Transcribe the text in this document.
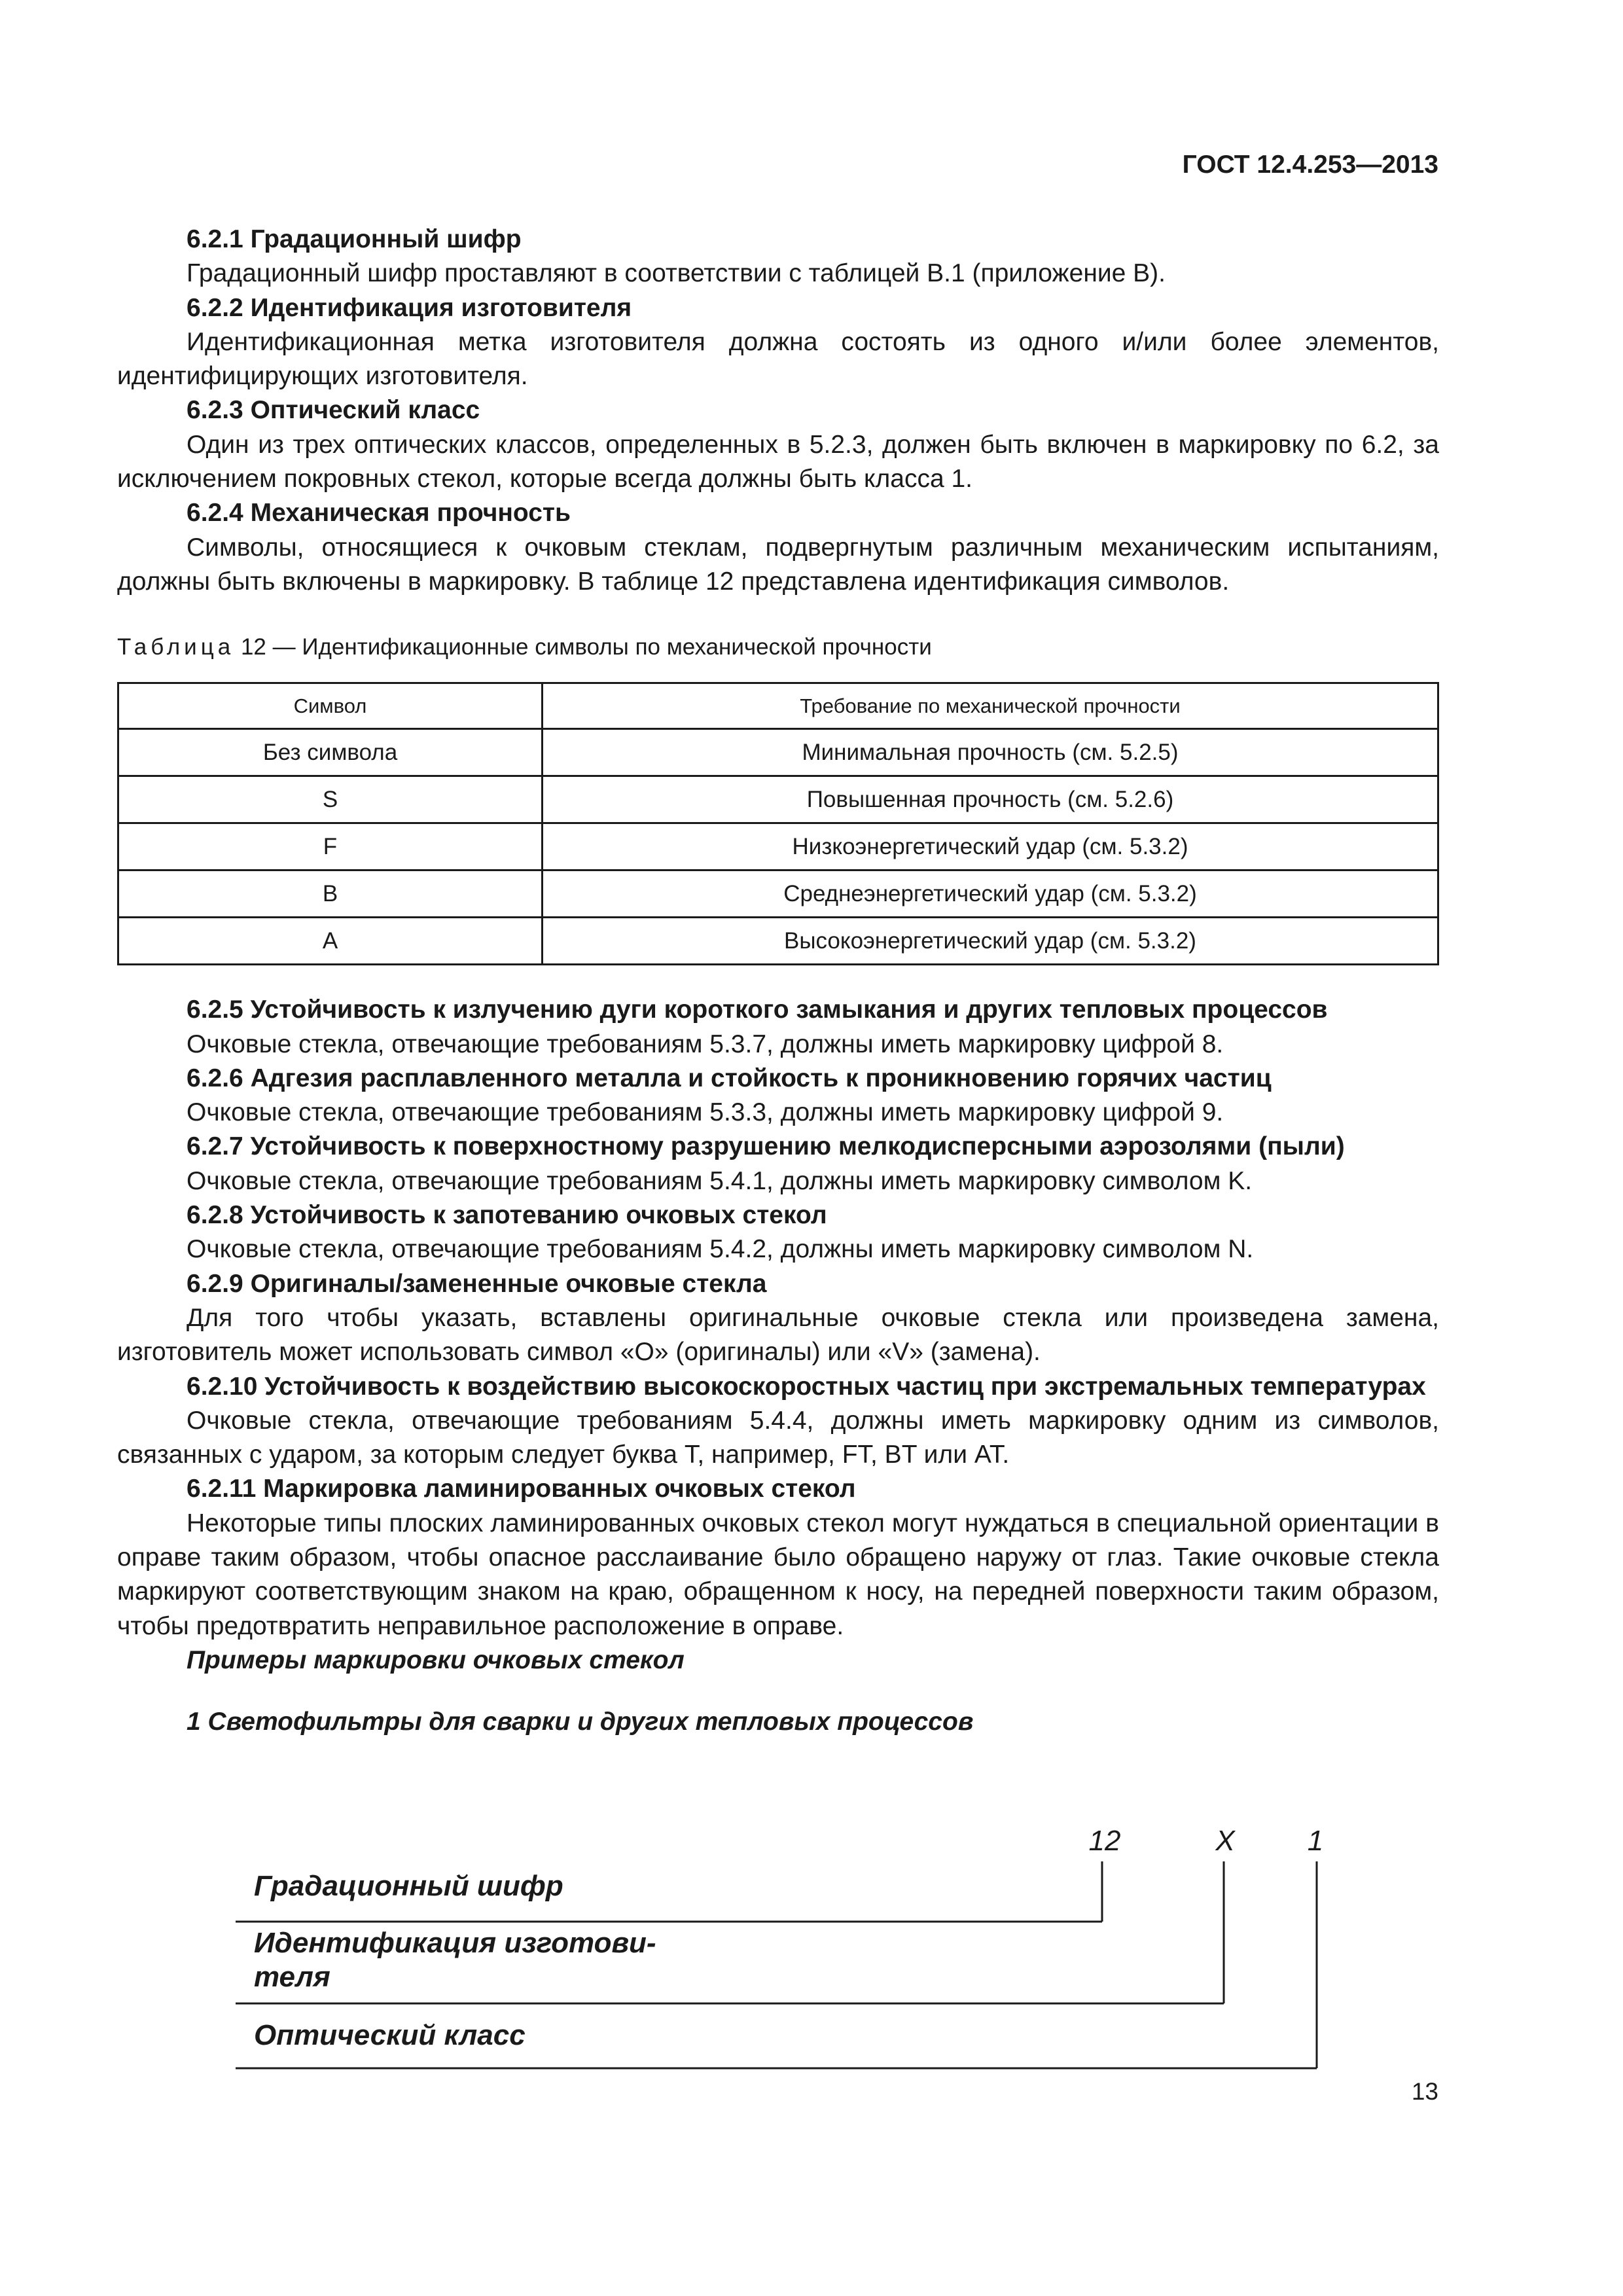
ГОСТ 12.4.253—2013
6.2.1 Градационный шифр
Градационный шифр проставляют в соответствии с таблицей В.1 (приложение В).
6.2.2 Идентификация изготовителя
Идентификационная метка изготовителя должна состоять из одного и/или более элементов, идентифицирующих изготовителя.
6.2.3 Оптический класс
Один из трех оптических классов, определенных в 5.2.3, должен быть включен в маркировку по 6.2, за исключением покровных стекол, которые всегда должны быть класса 1.
6.2.4 Механическая прочность
Символы, относящиеся к очковым стеклам, подвергнутым различным механическим испытаниям, должны быть включены в маркировку. В таблице 12 представлена идентификация символов.
Таблица 12 — Идентификационные символы по механической прочности
Символ	Требование по механической прочности
Без символа	Минимальная прочность (см. 5.2.5)
S	Повышенная прочность (см. 5.2.6)
F	Низкоэнергетический удар (см. 5.3.2)
B	Среднеэнергетический удар (см. 5.3.2)
A	Высокоэнергетический удар (см. 5.3.2)
6.2.5 Устойчивость к излучению дуги короткого замыкания и других тепловых процессов
Очковые стекла, отвечающие требованиям 5.3.7, должны иметь маркировку цифрой 8.
6.2.6 Адгезия расплавленного металла и стойкость к проникновению горячих частиц
Очковые стекла, отвечающие требованиям 5.3.3, должны иметь маркировку цифрой 9.
6.2.7 Устойчивость к поверхностному разрушению мелкодисперсными аэрозолями (пыли)
Очковые стекла, отвечающие требованиям 5.4.1, должны иметь маркировку символом K.
6.2.8 Устойчивость к запотеванию очковых стекол
Очковые стекла, отвечающие требованиям 5.4.2, должны иметь маркировку символом N.
6.2.9 Оригиналы/замененные очковые стекла
Для того чтобы указать, вставлены оригинальные очковые стекла или произведена замена, изготовитель может использовать символ «О» (оригиналы) или «V» (замена).
6.2.10 Устойчивость к воздействию высокоскоростных частиц при экстремальных температурах
Очковые стекла, отвечающие требованиям 5.4.4, должны иметь маркировку одним из символов, связанных с ударом, за которым следует буква Т, например, FT, BT или AT.
6.2.11 Маркировка ламинированных очковых стекол
Некоторые типы плоских ламинированных очковых стекол могут нуждаться в специальной ориентации в оправе таким образом, чтобы опасное расслаивание было обращено наружу от глаз. Такие очковые стекла маркируют соответствующим знаком на краю, обращенном к носу, на передней поверхности таким образом, чтобы предотвратить неправильное расположение в оправе.
Примеры маркировки очковых стекол
1 Светофильтры для сварки и других тепловых процессов
12	X	1
Градационный шифр
Идентификация изготови-
теля
Оптический класс
13
